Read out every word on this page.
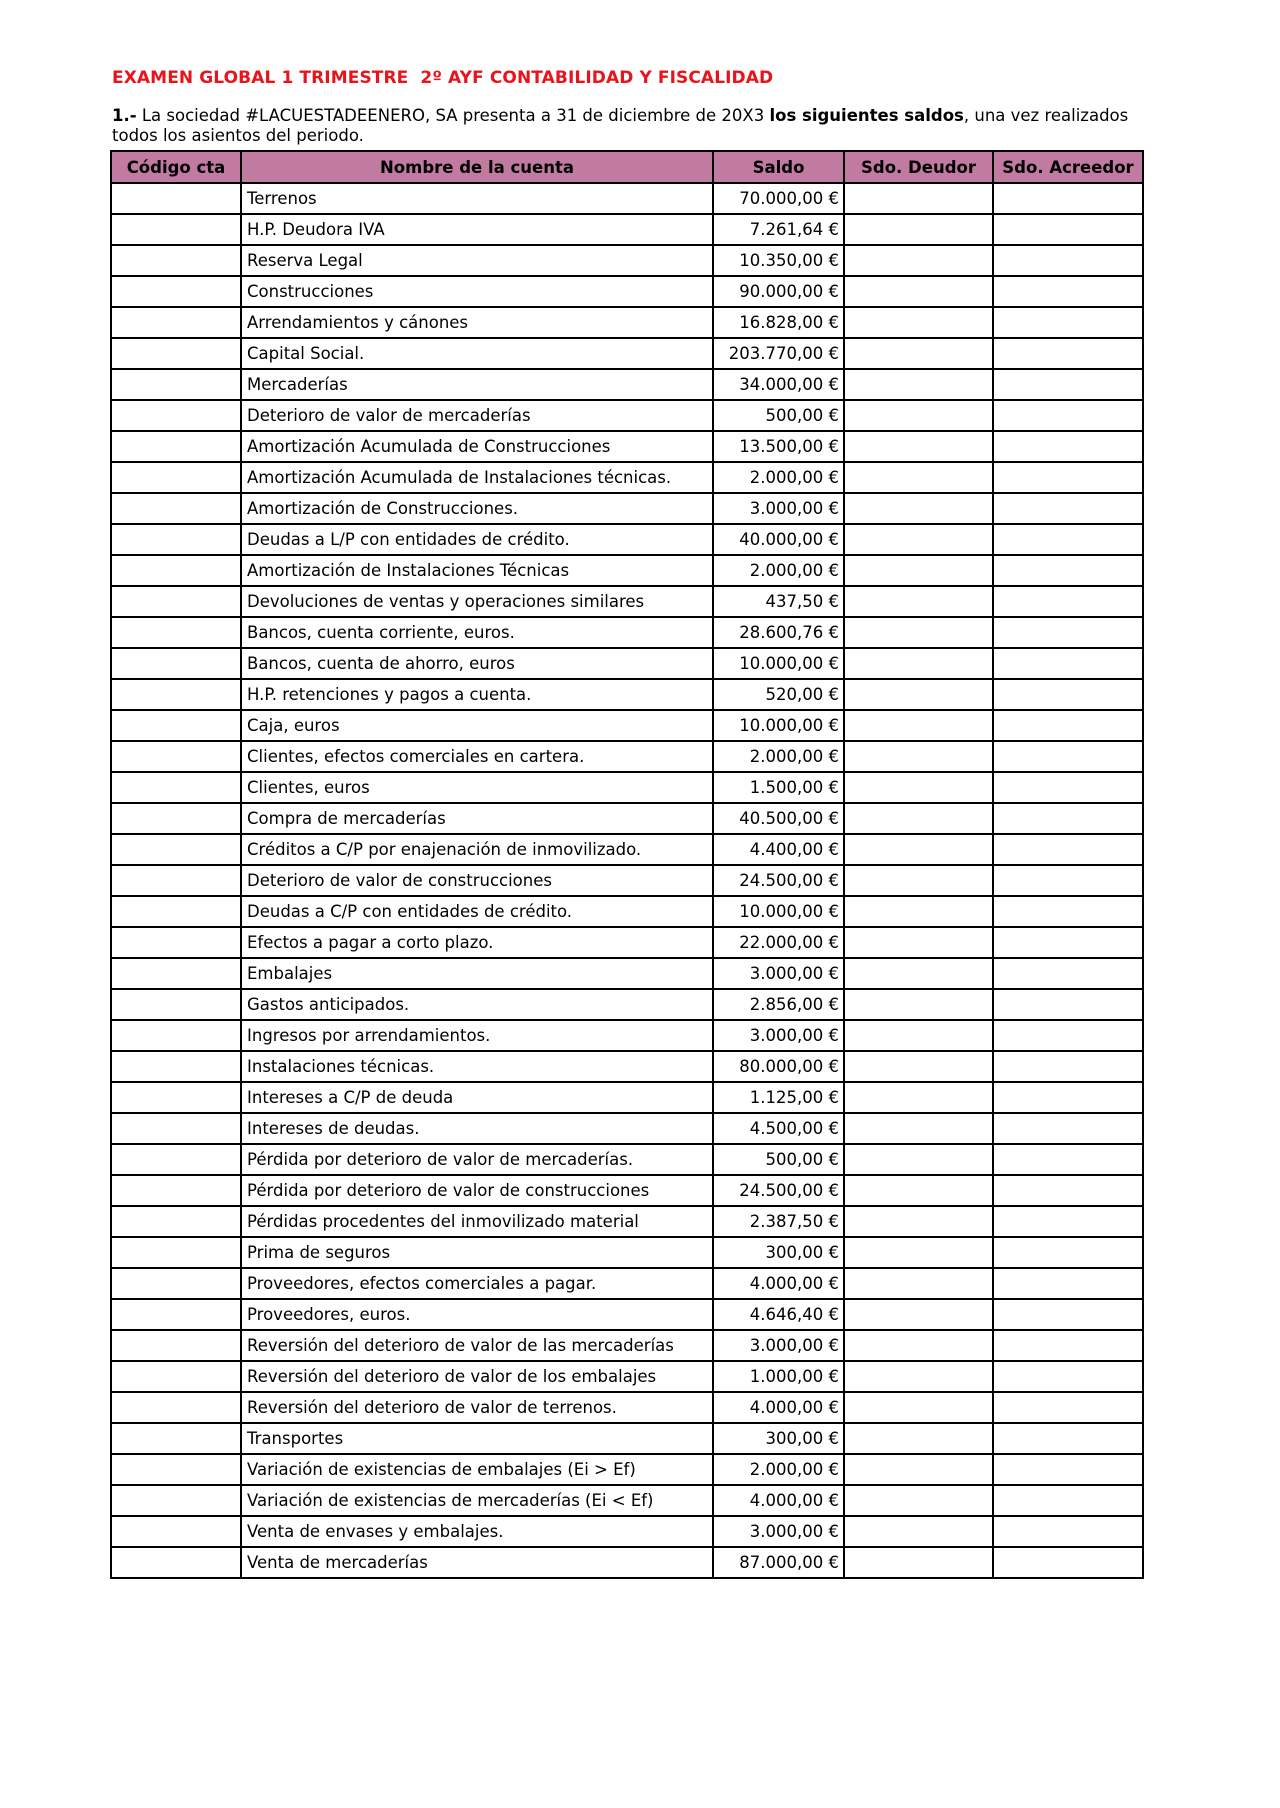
EXAMEN GLOBAL 1 TRIMESTRE  2º AYF CONTABILIDAD Y FISCALIDAD
1.- La sociedad #LACUESTADEENERO, SA presenta a 31 de diciembre de 20X3 los siguientes saldos, una vez realizados todos los asientos del periodo.
Código cta	Nombre de la cuenta	Saldo	Sdo. Deudor	Sdo. Acreedor
	Terrenos	70.000,00 €		
	H.P. Deudora IVA	7.261,64 €		
	Reserva Legal	10.350,00 €		
	Construcciones	90.000,00 €		
	Arrendamientos y cánones	16.828,00 €		
	Capital Social.	203.770,00 €		
	Mercaderías	34.000,00 €		
	Deterioro de valor de mercaderías	500,00 €		
	Amortización Acumulada de Construcciones	13.500,00 €		
	Amortización Acumulada de Instalaciones técnicas.	2.000,00 €		
	Amortización de Construcciones.	3.000,00 €		
	Deudas a L/P con entidades de crédito.	40.000,00 €		
	Amortización de Instalaciones Técnicas	2.000,00 €		
	Devoluciones de ventas y operaciones similares	437,50 €		
	Bancos, cuenta corriente, euros.	28.600,76 €		
	Bancos, cuenta de ahorro, euros	10.000,00 €		
	H.P. retenciones y pagos a cuenta.	520,00 €		
	Caja, euros	10.000,00 €		
	Clientes, efectos comerciales en cartera.	2.000,00 €		
	Clientes, euros	1.500,00 €		
	Compra de mercaderías	40.500,00 €		
	Créditos a C/P por enajenación de inmovilizado.	4.400,00 €		
	Deterioro de valor de construcciones	24.500,00 €		
	Deudas a C/P con entidades de crédito.	10.000,00 €		
	Efectos a pagar a corto plazo.	22.000,00 €		
	Embalajes	3.000,00 €		
	Gastos anticipados.	2.856,00 €		
	Ingresos por arrendamientos.	3.000,00 €		
	Instalaciones técnicas.	80.000,00 €		
	Intereses a C/P de deuda	1.125,00 €		
	Intereses de deudas.	4.500,00 €		
	Pérdida por deterioro de valor de mercaderías.	500,00 €		
	Pérdida por deterioro de valor de construcciones	24.500,00 €		
	Pérdidas procedentes del inmovilizado material	2.387,50 €		
	Prima de seguros	300,00 €		
	Proveedores, efectos comerciales a pagar.	4.000,00 €		
	Proveedores, euros.	4.646,40 €		
	Reversión del deterioro de valor de las mercaderías	3.000,00 €		
	Reversión del deterioro de valor de los embalajes	1.000,00 €		
	Reversión del deterioro de valor de terrenos.	4.000,00 €		
	Transportes	300,00 €		
	Variación de existencias de embalajes (Ei > Ef)	2.000,00 €		
	Variación de existencias de mercaderías (Ei < Ef)	4.000,00 €		
	Venta de envases y embalajes.	3.000,00 €		
	Venta de mercaderías	87.000,00 €		
